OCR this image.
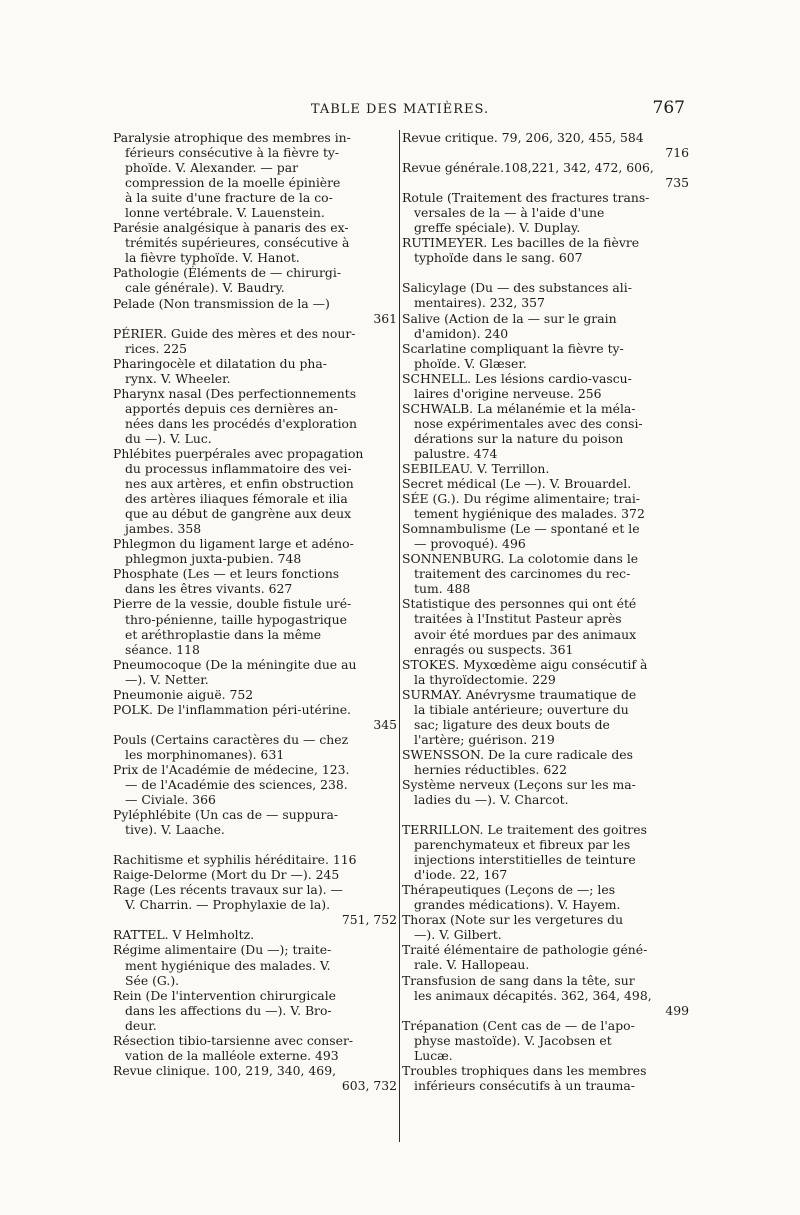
TABLE DES MATIÈRES.	767
Paralysie atrophique des membres in-
férieurs consécutive à la fièvre ty-
phoïde. V. Alexander. — par
compression de la moelle épinière
à la suite d'une fracture de la co-
lonne vertébrale. V. Lauenstein.
Parésie analgésique à panaris des ex-
trémités supérieures, consécutive à
la fièvre typhoïde. V. Hanot.
Pathologie (Éléments de — chirurgi-
cale générale). V. Baudry.
Pelade (Non transmission de la —)
361
PÉRIER. Guide des mères et des nour-
rices. 225
Pharingocèle et dilatation du pha-
rynx. V. Wheeler.
Pharynx nasal (Des perfectionnements
apportés depuis ces dernières an-
nées dans les procédés d'exploration
du —). V. Luc.
Phlébites puerpérales avec propagation
du processus inflammatoire des vei-
nes aux artères, et enfin obstruction
des artères iliaques fémorale et ilia
que au début de gangrène aux deux
jambes. 358
Phlegmon du ligament large et adéno-
phlegmon juxta-pubien. 748
Phosphate (Les — et leurs fonctions
dans les êtres vivants. 627
Pierre de la vessie, double fistule uré-
thro-pénienne, taille hypogastrique
et aréthroplastie dans la même
séance. 118
Pneumocoque (De la méningite due au
—). V. Netter.
Pneumonie aiguë. 752
POLK. De l'inflammation péri-utérine.
345
Pouls (Certains caractères du — chez
les morphinomanes). 631
Prix de l'Académie de médecine, 123.
— de l'Académie des sciences, 238.
— Civiale. 366
Pyléphlébite (Un cas de — suppura-
tive). V. Laache.
Rachitisme et syphilis héréditaire. 116
Raige-Delorme (Mort du Dr —). 245
Rage (Les récents travaux sur la). —
V. Charrin. — Prophylaxie de la).
751, 752
RATTEL. V Helmholtz.
Régime alimentaire (Du —); traite-
ment hygiénique des malades. V.
Sée (G.).
Rein (De l'intervention chirurgicale
dans les affections du —). V. Bro-
deur.
Résection tibio-tarsienne avec conser-
vation de la malléole externe. 493
Revue clinique. 100, 219, 340, 469,
603, 732
Revue critique. 79, 206, 320, 455, 584
716
Revue générale.108,221, 342, 472, 606,
735
Rotule (Traitement des fractures trans-
versales de la — à l'aide d'une
greffe spéciale). V. Duplay.
RUTIMEYER. Les bacilles de la fièvre
typhoïde dans le sang. 607
Salicylage (Du — des substances ali-
mentaires). 232, 357
Salive (Action de la — sur le grain
d'amidon). 240
Scarlatine compliquant la fièvre ty-
phoïde. V. Glæser.
SCHNELL. Les lésions cardio-vascu-
laires d'origine nerveuse. 256
SCHWALB. La mélanémie et la méla-
nose expérimentales avec des consi-
dérations sur la nature du poison
palustre. 474
SEBILEAU. V. Terrillon.
Secret médical (Le —). V. Brouardel.
SÉE (G.). Du régime alimentaire; trai-
tement hygiénique des malades. 372
Somnambulisme (Le — spontané et le
— provoqué). 496
SONNENBURG. La colotomie dans le
traitement des carcinomes du rec-
tum. 488
Statistique des personnes qui ont été
traitées à l'Institut Pasteur après
avoir été mordues par des animaux
enragés ou suspects. 361
STOKES. Myxœdème aigu consécutif à
la thyroïdectomie. 229
SURMAY. Anévrysme traumatique de
la tibiale antérieure; ouverture du
sac; ligature des deux bouts de
l'artère; guérison. 219
SWENSSON. De la cure radicale des
hernies réductibles. 622
Système nerveux (Leçons sur les ma-
ladies du —). V. Charcot.
TERRILLON. Le traitement des goitres
parenchymateux et fibreux par les
injections interstitielles de teinture
d'iode. 22, 167
Thérapeutiques (Leçons de —; les
grandes médications). V. Hayem.
Thorax (Note sur les vergetures du
—). V. Gilbert.
Traité élémentaire de pathologie géné-
rale. V. Hallopeau.
Transfusion de sang dans la tête, sur
les animaux décapités. 362, 364, 498,
499
Trépanation (Cent cas de — de l'apo-
physe mastoïde). V. Jacobsen et
Lucæ.
Troubles trophiques dans les membres
inférieurs consécutifs à un trauma-
